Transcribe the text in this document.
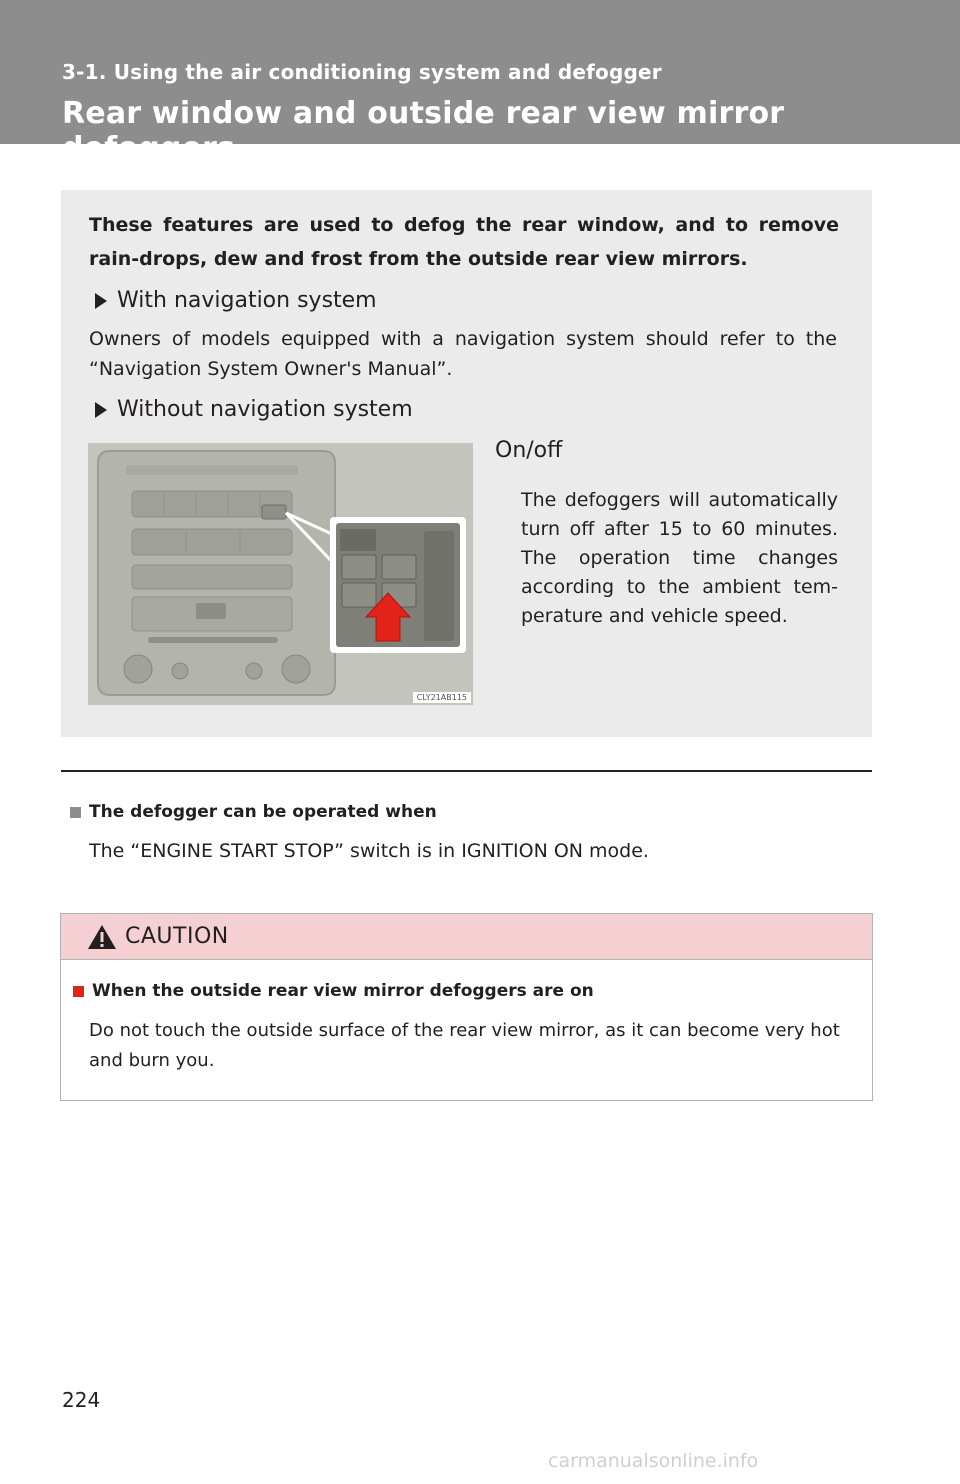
3-1. Using the air conditioning system and defogger
Rear window and outside rear view mirror defoggers
These features are used to defog the rear window, and to remove rain-drops, dew and frost from the outside rear view mirrors.
With navigation system
Owners of models equipped with a navigation system should refer to the “Navigation System Owner's Manual”.
Without navigation system
CLY21AB115
On/off
The defoggers will automatically turn off after 15 to 60 minutes. The operation time changes according to the ambient tem-perature and vehicle speed.
The defogger can be operated when
The “ENGINE START STOP” switch is in IGNITION ON mode.
CAUTION
When the outside rear view mirror defoggers are on
Do not touch the outside surface of the rear view mirror, as it can become very hot and burn you.
224
carmanualsonline.info
